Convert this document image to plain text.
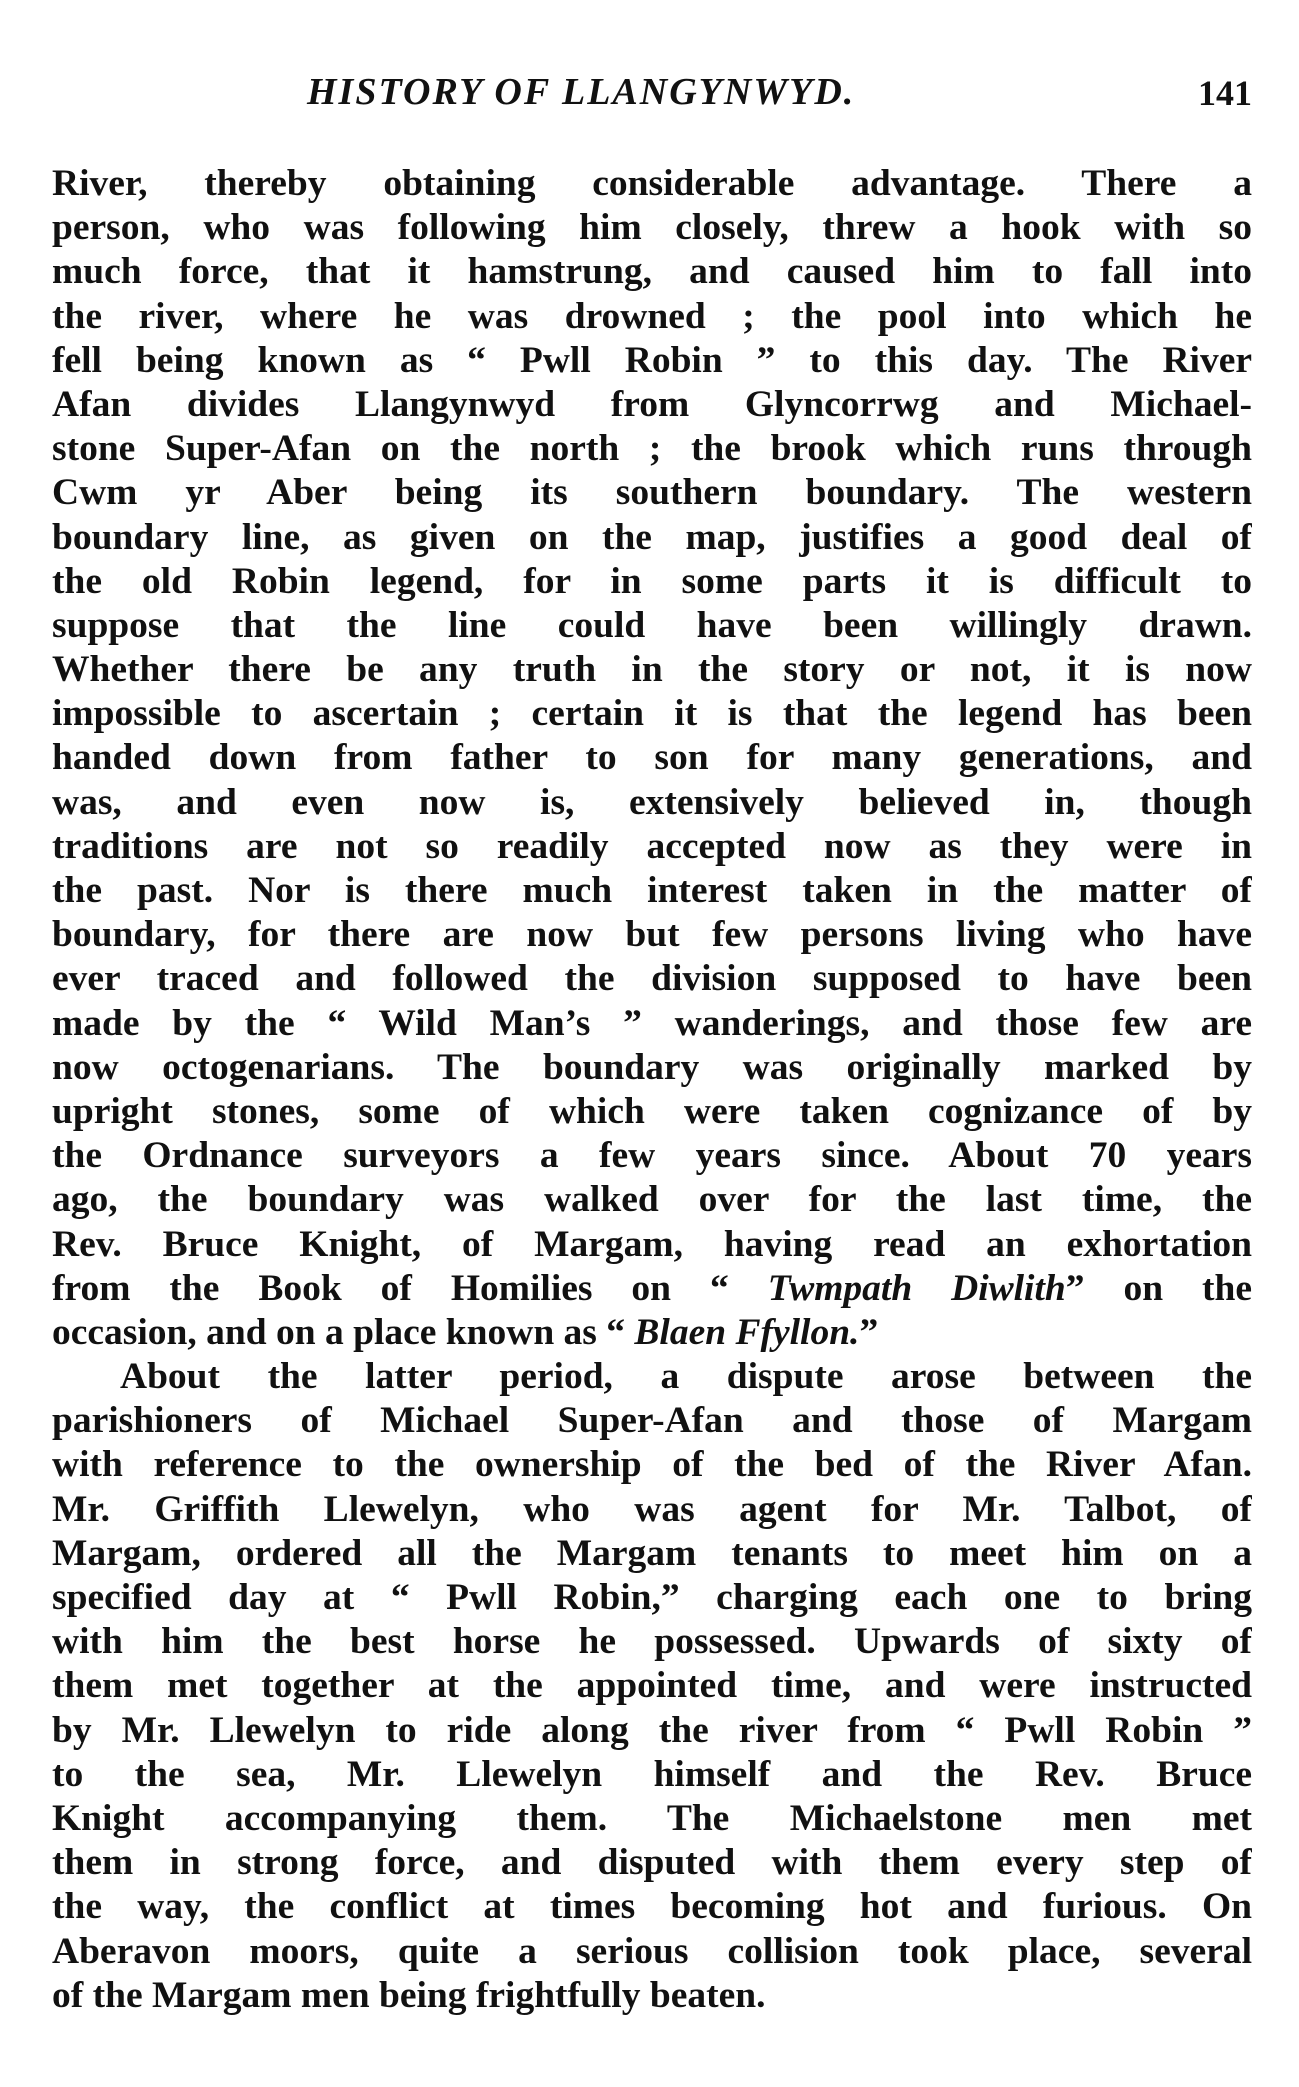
HISTORY OF LLANGYNWYD.	141
River, thereby obtaining considerable advantage. There a
person, who was following him closely, threw a hook with so
much force, that it hamstrung, and caused him to fall into
the river, where he was drowned ; the pool into which he
fell being known as “ Pwll Robin ” to this day. The River
Afan divides Llangynwyd from Glyncorrwg and Michael-
stone Super-Afan on the north ; the brook which runs through
Cwm yr Aber being its southern boundary. The western
boundary line, as given on the map, justifies a good deal of
the old Robin legend, for in some parts it is difficult to
suppose that the line could have been willingly drawn.
Whether there be any truth in the story or not, it is now
impossible to ascertain ; certain it is that the legend has been
handed down from father to son for many generations, and
was, and even now is, extensively believed in, though
traditions are not so readily accepted now as they were in
the past. Nor is there much interest taken in the matter of
boundary, for there are now but few persons living who have
ever traced and followed the division supposed to have been
made by the “ Wild Man’s ” wanderings, and those few are
now octogenarians. The boundary was originally marked by
upright stones, some of which were taken cognizance of by
the Ordnance surveyors a few years since. About 70 years
ago, the boundary was walked over for the last time, the
Rev. Bruce Knight, of Margam, having read an exhortation
from the Book of Homilies on “ Twmpath Diwlith” on the
occasion, and on a place known as “ Blaen Ffyllon.”
About the latter period, a dispute arose between the
parishioners of Michael Super-Afan and those of Margam
with reference to the ownership of the bed of the River Afan.
Mr. Griffith Llewelyn, who was agent for Mr. Talbot, of
Margam, ordered all the Margam tenants to meet him on a
specified day at “ Pwll Robin,” charging each one to bring
with him the best horse he possessed. Upwards of sixty of
them met together at the appointed time, and were instructed
by Mr. Llewelyn to ride along the river from “ Pwll Robin ”
to the sea, Mr. Llewelyn himself and the Rev. Bruce
Knight accompanying them. The Michaelstone men met
them in strong force, and disputed with them every step of
the way, the conflict at times becoming hot and furious. On
Aberavon moors, quite a serious collision took place, several
of the Margam men being frightfully beaten.
